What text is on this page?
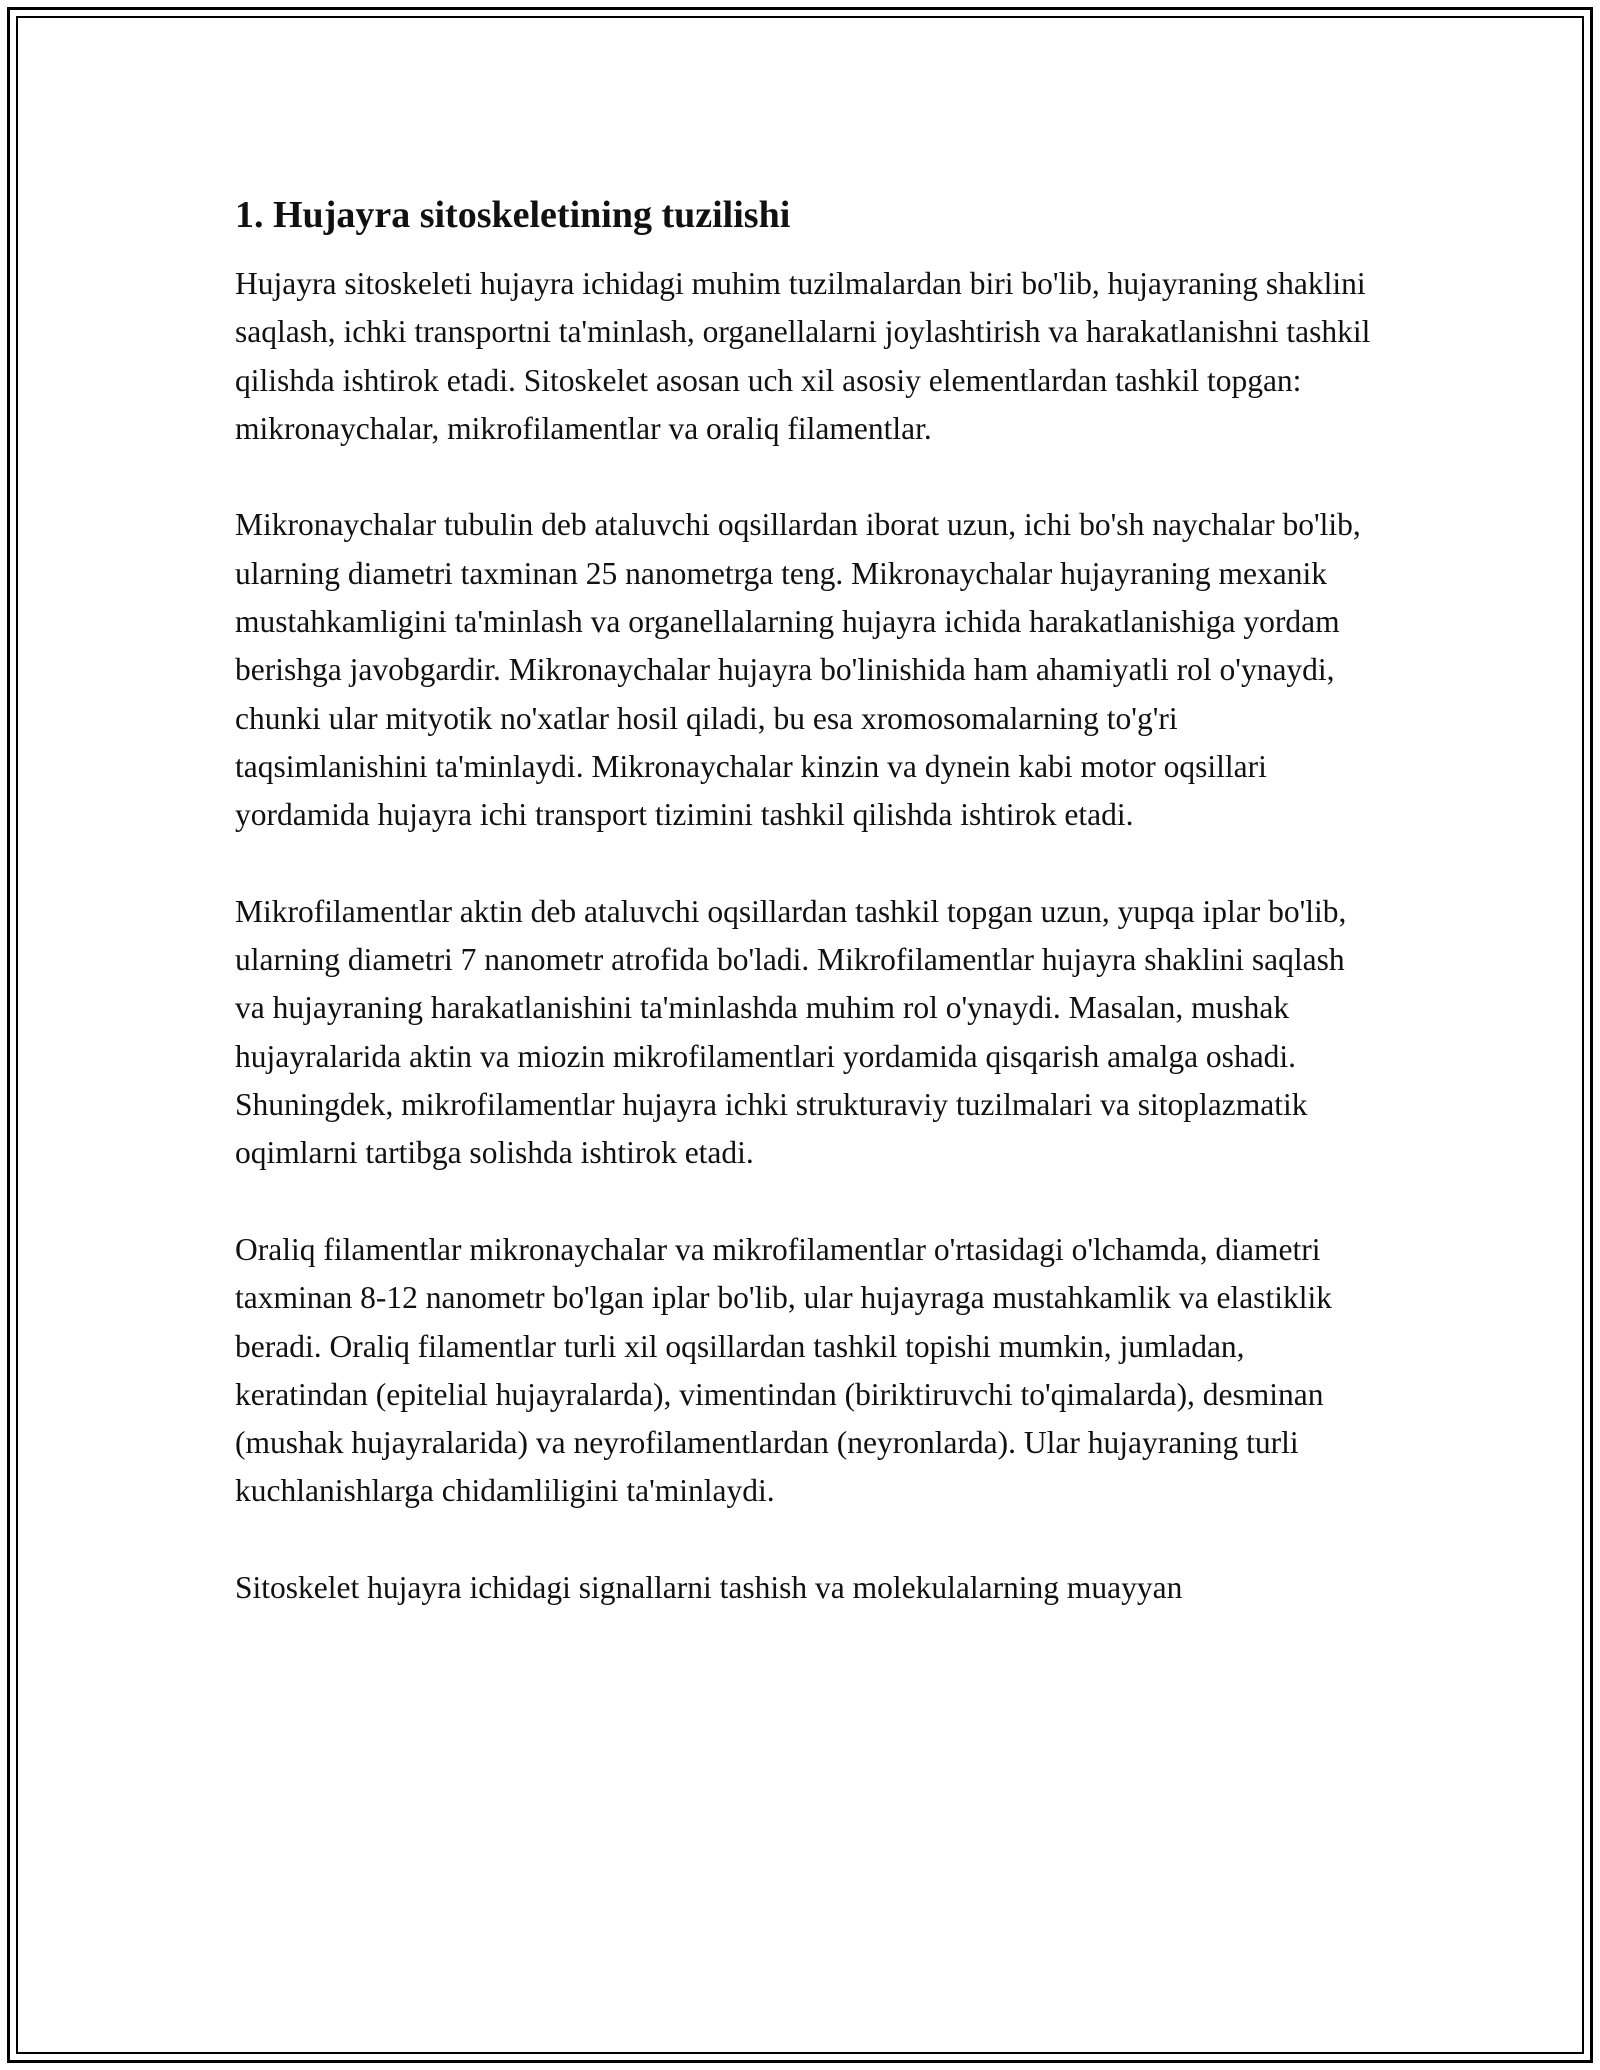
1. Hujayra sitoskeletining tuzilishi

Hujayra sitoskeleti hujayra ichidagi muhim tuzilmalardan biri bo'lib, hujayraning shaklini saqlash, ichki transportni ta'minlash, organellalarni joylashtirish va harakatlanishni tashkil qilishda ishtirok etadi. Sitoskelet asosan uch xil asosiy elementlardan tashkil topgan: mikronaychalar, mikrofilamentlar va oraliq filamentlar.

Mikronaychalar tubulin deb ataluvchi oqsillardan iborat uzun, ichi bo'sh naychalar bo'lib, ularning diametri taxminan 25 nanometrga teng. Mikronaychalar hujayraning mexanik mustahkamligini ta'minlash va organellalarning hujayra ichida harakatlanishiga yordam berishga javobgardir. Mikronaychalar hujayra bo'linishida ham ahamiyatli rol o'ynaydi, chunki ular mityotik no'xatlar hosil qiladi, bu esa xromosomalarning to'g'ri taqsimlanishini ta'minlaydi. Mikronaychalar kinzin va dynein kabi motor oqsillari yordamida hujayra ichi transport tizimini tashkil qilishda ishtirok etadi.

Mikrofilamentlar aktin deb ataluvchi oqsillardan tashkil topgan uzun, yupqa iplar bo'lib, ularning diametri 7 nanometr atrofida bo'ladi. Mikrofilamentlar hujayra shaklini saqlash va hujayraning harakatlanishini ta'minlashda muhim rol o'ynaydi. Masalan, mushak hujayralarida aktin va miozin mikrofilamentlari yordamida qisqarish amalga oshadi. Shuningdek, mikrofilamentlar hujayra ichki strukturaviy tuzilmalari va sitoplazmatik oqimlarni tartibga solishda ishtirok etadi.

Oraliq filamentlar mikronaychalar va mikrofilamentlar o'rtasidagi o'lchamda, diametri taxminan 8-12 nanometr bo'lgan iplar bo'lib, ular hujayraga mustahkamlik va elastiklik beradi. Oraliq filamentlar turli xil oqsillardan tashkil topishi mumkin, jumladan, keratindan (epitelial hujayralarda), vimentindan (biriktiruvchi to'qimalarda), desminan (mushak hujayralarida) va neyrofilamentlardan (neyronlarda). Ular hujayraning turli kuchlanishlarga chidamliligini ta'minlaydi.

Sitoskelet hujayra ichidagi signallarni tashish va molekulalarning muayyan
